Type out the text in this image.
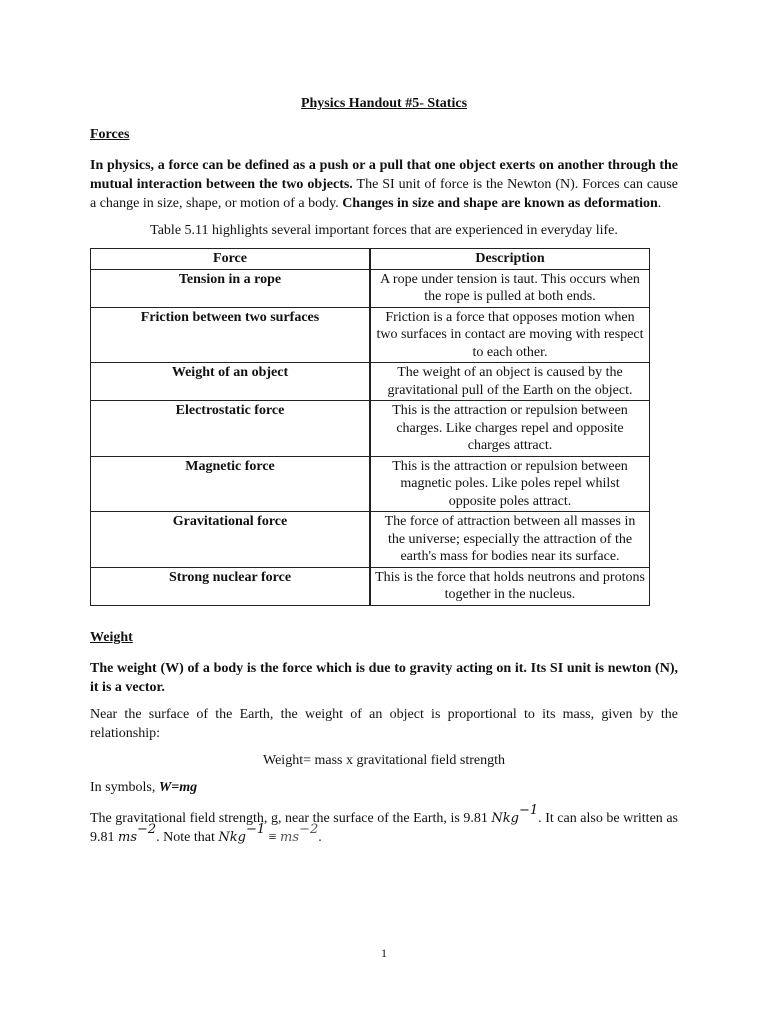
Physics Handout #5- Statics
Forces

In physics, a force can be defined as a push or a pull that one object exerts on another through the mutual interaction between the two objects. The SI unit of force is the Newton (N). Forces can cause a change in size, shape, or motion of a body. Changes in size and shape are known as deformation.

Table 5.11 highlights several important forces that are experienced in everyday life.

Force	Description
Tension in a rope	A rope under tension is taut. This occurs when the rope is pulled at both ends.
Friction between two surfaces	Friction is a force that opposes motion when two surfaces in contact are moving with respect to each other.
Weight of an object	The weight of an object is caused by the gravitational pull of the Earth on the object.
Electrostatic force	This is the attraction or repulsion between charges. Like charges repel and opposite charges attract.
Magnetic force	This is the attraction or repulsion between magnetic poles. Like poles repel whilst opposite poles attract.
Gravitational force	The force of attraction between all masses in the universe; especially the attraction of the earth's mass for bodies near its surface.
Strong nuclear force	This is the force that holds neutrons and protons together in the nucleus.
Weight

The weight (W) of a body is the force which is due to gravity acting on it. Its SI unit is newton (N), it is a vector.

Near the surface of the Earth, the weight of an object is proportional to its mass, given by the relationship:

Weight= mass x gravitational field strength

In symbols, W=mg

The gravitational field strength, g, near the surface of the Earth, is 9.81 Nkg$^{-1}$. It can also be written as 9.81 $ms^{-2}$. Note that $Nkg^{-1} \equiv ms^{-2}$.

1
